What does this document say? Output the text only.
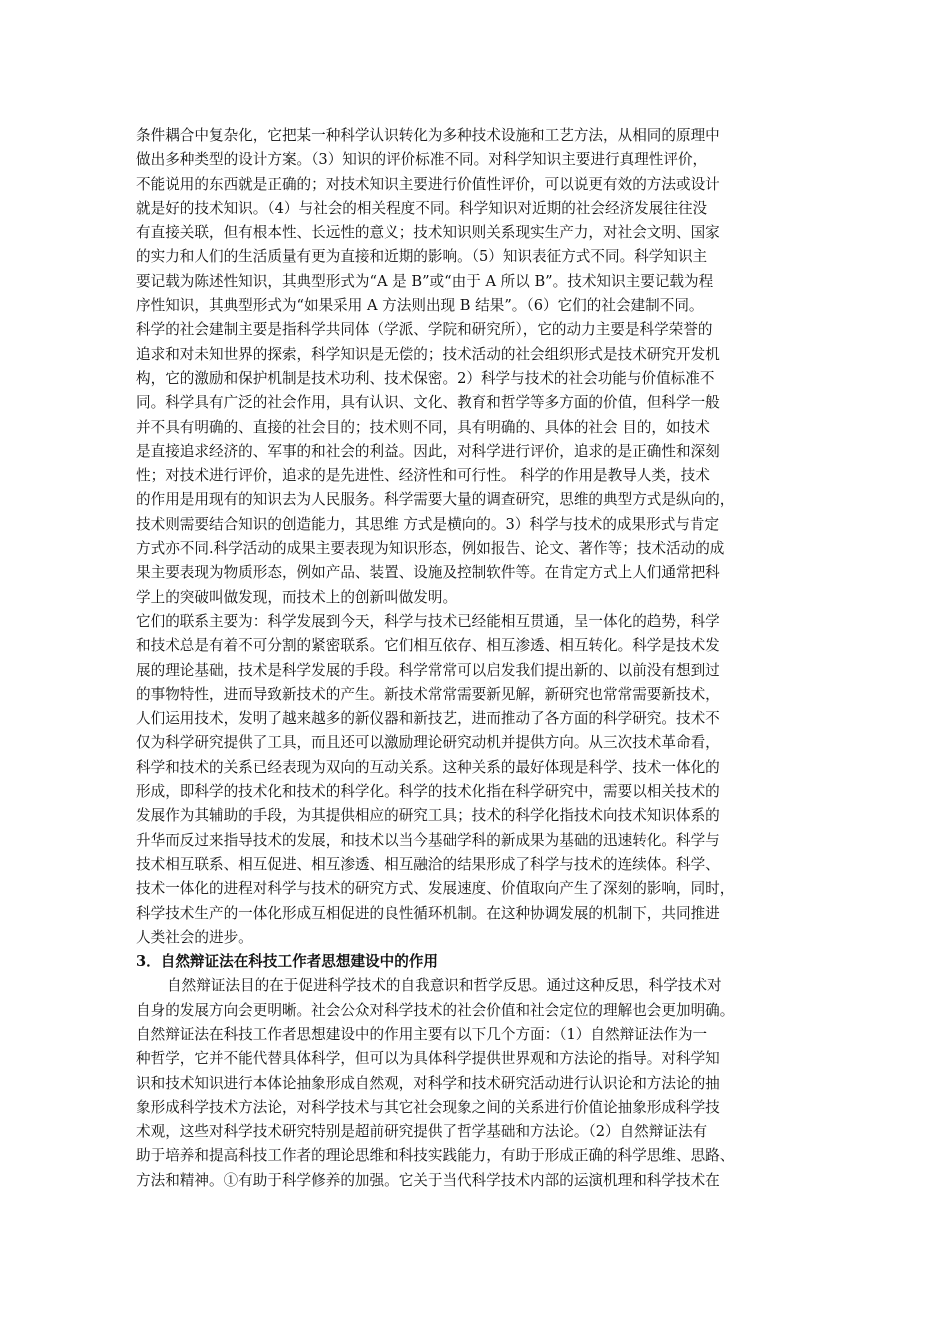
条件耦合中复杂化，它把某一种科学认识转化为多种技术设施和工艺方法，从相同的原理中
做出多种类型的设计方案。（3）知识的评价标准不同。对科学知识主要进行真理性评价，
不能说用的东西就是正确的；对技术知识主要进行价值性评价，可以说更有效的方法或设计
就是好的技术知识。（4）与社会的相关程度不同。科学知识对近期的社会经济发展往往没
有直接关联，但有根本性、长远性的意义；技术知识则关系现实生产力，对社会文明、国家
的实力和人们的生活质量有更为直接和近期的影响。（5）知识表征方式不同。科学知识主
要记载为陈述性知识，其典型形式为“A 是 B”或“由于 A 所以 B”。技术知识主要记载为程
序性知识，其典型形式为“如果采用 A 方法则出现 B 结果”。（6）它们的社会建制不同。
科学的社会建制主要是指科学共同体（学派、学院和研究所），它的动力主要是科学荣誉的
追求和对未知世界的探索，科学知识是无偿的；技术活动的社会组织形式是技术研究开发机
构，它的激励和保护机制是技术功利、技术保密。2）科学与技术的社会功能与价值标准不
同。科学具有广泛的社会作用，具有认识、文化、教育和哲学等多方面的价值，但科学一般
并不具有明确的、直接的社会目的；技术则不同，具有明确的、具体的社会 目的，如技术
是直接追求经济的、军事的和社会的利益。因此，对科学进行评价，追求的是正确性和深刻
性；对技术进行评价，追求的是先进性、经济性和可行性。 科学的作用是教导人类，技术
的作用是用现有的知识去为人民服务。科学需要大量的调查研究，思维的典型方式是纵向的，
技术则需要结合知识的创造能力，其思维 方式是横向的。3）科学与技术的成果形式与肯定
方式亦不同.科学活动的成果主要表现为知识形态，例如报告、论文、著作等；技术活动的成
果主要表现为物质形态，例如产品、装置、设施及控制软件等。在肯定方式上人们通常把科
学上的突破叫做发现，而技术上的创新叫做发明。
它们的联系主要为：科学发展到今天，科学与技术已经能相互贯通，呈一体化的趋势，科学
和技术总是有着不可分割的紧密联系。它们相互依存、相互渗透、相互转化。科学是技术发
展的理论基础，技术是科学发展的手段。科学常常可以启发我们提出新的、以前没有想到过
的事物特性，进而导致新技术的产生。新技术常常需要新见解，新研究也常常需要新技术，
人们运用技术，发明了越来越多的新仪器和新技艺，进而推动了各方面的科学研究。技术不
仅为科学研究提供了工具，而且还可以激励理论研究动机并提供方向。从三次技术革命看，
科学和技术的关系已经表现为双向的互动关系。这种关系的最好体现是科学、技术一体化的
形成，即科学的技术化和技术的科学化。科学的技术化指在科学研究中，需要以相关技术的
发展作为其辅助的手段，为其提供相应的研究工具；技术的科学化指技术向技术知识体系的
升华而反过来指导技术的发展，和技术以当今基础学科的新成果为基础的迅速转化。科学与
技术相互联系、相互促进、相互渗透、相互融洽的结果形成了科学与技术的连续体。科学、
技术一体化的进程对科学与技术的研究方式、发展速度、价值取向产生了深刻的影响，同时，
科学技术生产的一体化形成互相促进的良性循环机制。在这种协调发展的机制下，共同推进
人类社会的进步。
3．自然辩证法在科技工作者思想建设中的作用
自然辩证法目的在于促进科学技术的自我意识和哲学反思。通过这种反思，科学技术对
自身的发展方向会更明晰。社会公众对科学技术的社会价值和社会定位的理解也会更加明确。
自然辩证法在科技工作者思想建设中的作用主要有以下几个方面：（1）自然辩证法作为一
种哲学，它并不能代替具体科学，但可以为具体科学提供世界观和方法论的指导。对科学知
识和技术知识进行本体论抽象形成自然观，对科学和技术研究活动进行认识论和方法论的抽
象形成科学技术方法论，对科学技术与其它社会现象之间的关系进行价值论抽象形成科学技
术观，这些对科学技术研究特别是超前研究提供了哲学基础和方法论。（2）自然辩证法有
助于培养和提高科技工作者的理论思维和科技实践能力，有助于形成正确的科学思维、思路、
方法和精神。①有助于科学修养的加强。它关于当代科学技术内部的运演机理和科学技术在
